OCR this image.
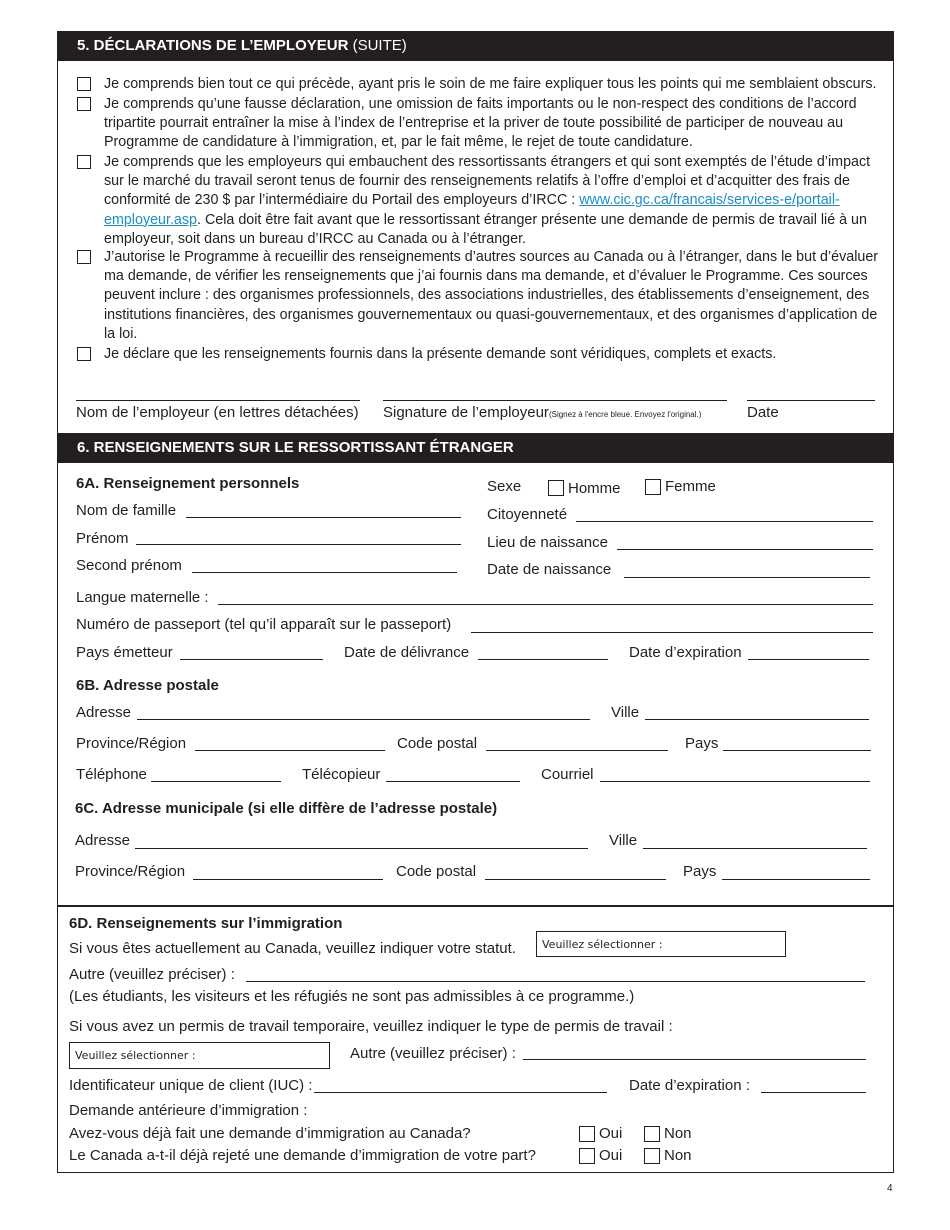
5. DÉCLARATIONS DE L’EMPLOYEUR (SUITE)
Je comprends bien tout ce qui précède, ayant pris le soin de me faire expliquer tous les points qui me semblaient obscurs.
Je comprends qu’une fausse déclaration, une omission de faits importants ou le non-respect des conditions de l’accord tripartite pourrait entraîner la mise à l’index de l’entreprise et la priver de toute possibilité de participer de nouveau au Programme de candidature à l’immigration, et, par le fait même, le rejet de toute candidature.
Je comprends que les employeurs qui embauchent des ressortissants étrangers et qui sont exemptés de l’étude d’impact sur le marché du travail seront tenus de fournir des renseignements relatifs à l’offre d’emploi et d’acquitter des frais de conformité de 230 $ par l’intermédiaire du Portail des employeurs d’IRCC : www.cic.gc.ca/francais/services-e/portail-employeur.asp. Cela doit être fait avant que le ressortissant étranger présente une demande de permis de travail lié à un employeur, soit dans un bureau d’IRCC au Canada ou à l’étranger.
J’autorise le Programme à recueillir des renseignements d’autres sources au Canada ou à l’étranger, dans le but d’évaluer ma demande, de vérifier les renseignements que j’ai fournis dans ma demande, et d’évaluer le Programme. Ces sources peuvent inclure : des organismes professionnels, des associations industrielles, des établissements d’enseignement, des institutions financières, des organismes gouvernementaux ou quasi-gouvernementaux, et des organismes d’application de la loi.
Je déclare que les renseignements fournis dans la présente demande sont véridiques, complets et exacts.
Nom de l’employeur (en lettres détachées) Signature de l’employeur(Signez à l'encre bleue. Envoyez l'original.)	Date
6. RENSEIGNEMENTS SUR LE RESSORTISSANT ÉTRANGER
6A. Renseignement personnels	Sexe	Homme	Femme
Nom de famille	Citoyenneté
Prénom	Lieu de naissance
Second prénom	Date de naissance
Langue maternelle :
Numéro de passeport (tel qu’il apparaît sur le passeport)
Pays émetteur	Date de délivrance	Date d’expiration
6B. Adresse postale
Adresse	Ville
Province/Région	Code postal	Pays
Téléphone	Télécopieur	Courriel
6C. Adresse municipale (si elle diffère de l’adresse postale)
Adresse	Ville
Province/Région	Code postal	Pays
6D. Renseignements sur l’immigration
Si vous êtes actuellement au Canada, veuillez indiquer votre statut.	Veuillez sélectionner :
Autre (veuillez préciser) :
(Les étudiants, les visiteurs et les réfugiés ne sont pas admissibles à ce programme.)
Si vous avez un permis de travail temporaire, veuillez indiquer le type de permis de travail :
Veuillez sélectionner :	Autre (veuillez préciser) :
Identificateur unique de client (IUC) :	Date d’expiration :
Demande antérieure d’immigration :
Avez-vous déjà fait une demande d’immigration au Canada?	Oui	Non
Le Canada a-t-il déjà rejeté une demande d’immigration de votre part?	Oui	Non
4
